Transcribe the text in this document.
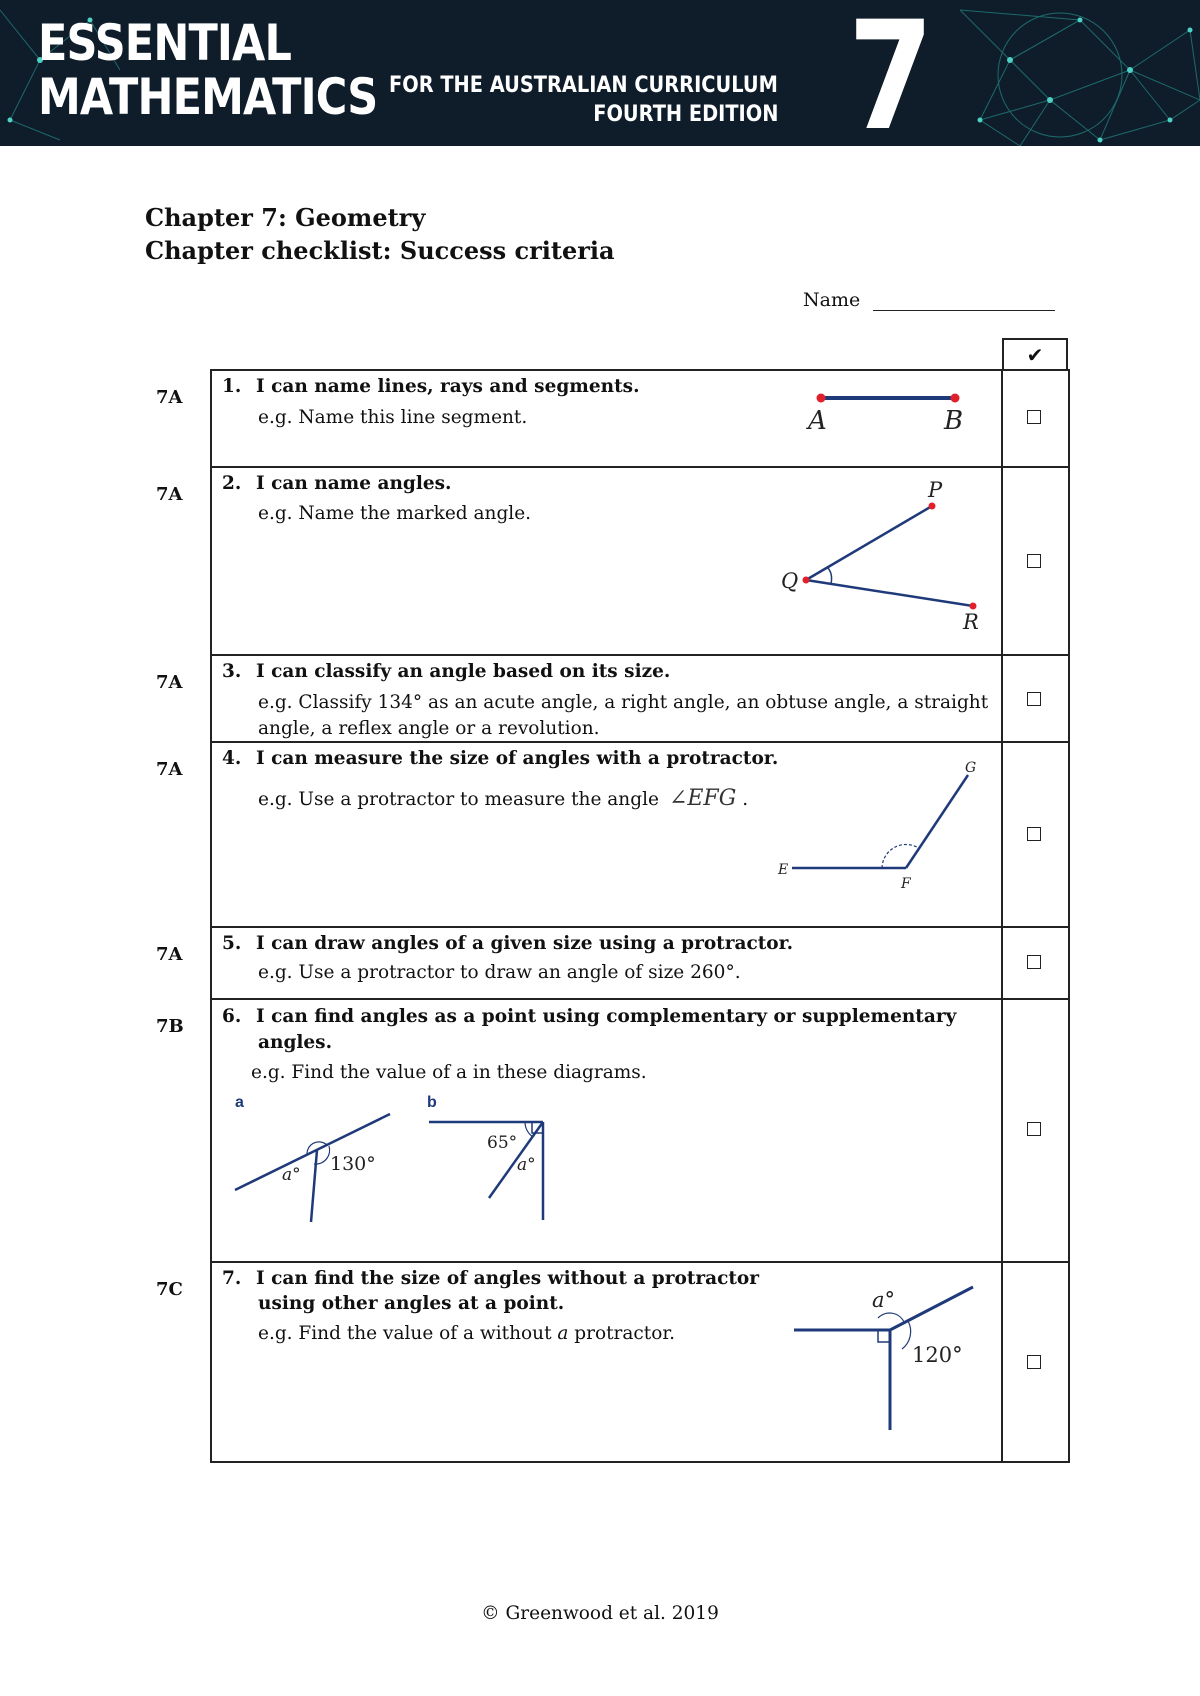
ESSENTIAL
MATHEMATICS FOR THE AUSTRALIAN CURRICULUM
FOURTH EDITION 7
Chapter 7: Geometry
Chapter checklist: Success criteria
Name
✔
7A
1. I can name lines, rays and segments.
e.g. Name this line segment.	A	B
7A
2. I can name angles.
e.g. Name the marked angle.
P
Q
R
7A
3. I can classify an angle based on its size.
e.g. Classify 134° as an acute angle, a right angle, an obtuse angle, a straight
angle, a reflex angle or a revolution.
7A
4. I can measure the size of angles with a protractor.
e.g. Use a protractor to measure the angle ∠EFG .
G
E
F
7A
5. I can draw angles of a given size using a protractor.
e.g. Use a protractor to draw an angle of size 260°.
7B 6. I can find angles as a point using complementary or supplementary
angles.
e.g. Find the value of a in these diagrams.
a
a° 130°
b
65°
a°
7C
7. I can find the size of angles without a protractor
using other angles at a point.
e.g. Find the value of a without a protractor.
a°
120°
© Greenwood et al. 2019
